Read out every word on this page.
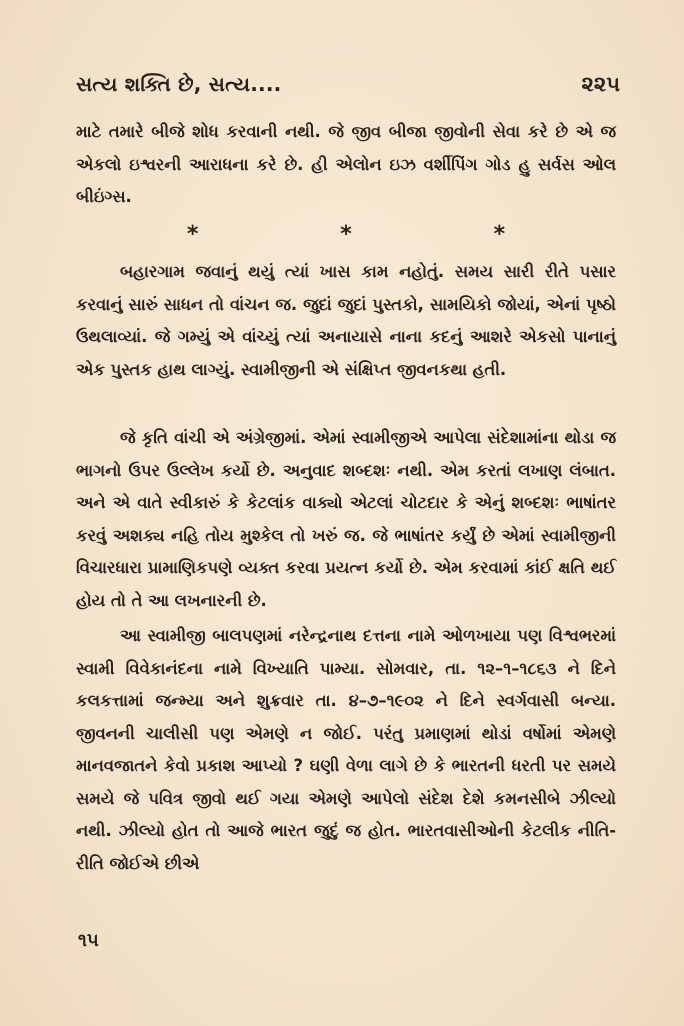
સત્ય શક્તિ છે, સત્ય....	૨૨૫
માટે તમારે બીજે શોધ કરવાની નથી. જે જીવ બીજા જીવોની સેવા કરે છે એ જ એકલો ઇશ્વરની આરાધના કરે છે. હી એલોન ઇઝ વર્શીપિંગ ગોડ હુ સર્વસ ઓલ બીઇંગ્સ.
*	*	*
બહારગામ જવાનું થયું ત્યાં ખાસ કામ નહોતું. સમય સારી રીતે પસાર કરવાનું સારું સાધન તો વાંચન જ. જુદાં જુદાં પુસ્તકો, સામયિકો જોયાં, એનાં પૃષ્ઠો ઉથલાવ્યાં. જે ગમ્યું એ વાંચ્યું ત્યાં અનાયાસે નાના કદનું આશરે એકસો પાનાનું એક પુસ્તક હાથ લાગ્યું. સ્વામીજીની એ સંક્ષિપ્ત જીવનકથા હતી.
જે કૃતિ વાંચી એ અંગ્રેજીમાં. એમાં સ્વામીજીએ આપેલા સંદેશામાંના થોડા જ ભાગનો ઉપર ઉલ્લેખ કર્યો છે. અનુવાદ શબ્દશઃ નથી. એમ કરતાં લખાણ લંબાત. અને એ વાતે સ્વીકારું કે કેટલાંક વાક્યો એટલાં ચોટદાર કે એનું શબ્દશઃ ભાષાંતર કરવું અશક્ય નહિ તોય મુશ્કેલ તો ખરું જ. જે ભાષાંતર કર્યું છે એમાં સ્વામીજીની વિચારધારા પ્રામાણિકપણે વ્યક્ત કરવા પ્રયત્ન કર્યો છે. એમ કરવામાં કાંઈ ક્ષતિ થઈ હોય તો તે આ લખનારની છે.
આ સ્વામીજી બાલપણમાં નરેન્દ્રનાથ દત્તના નામે ઓળખાયા પણ વિશ્વભરમાં સ્વામી વિવેકાનંદના નામે વિખ્યાતિ પામ્યા. સોમવાર, તા. ૧૨–૧–૧૮૬૩ ને દિને કલકત્તામાં જન્મ્યા અને શુક્રવાર તા. ૪–૭–૧૯૦૨ ને દિને સ્વર્ગવાસી બન્યા. જીવનની ચાલીસી પણ એમણે ન જોઈ. પરંતુ પ્રમાણમાં થોડાં વર્ષોમાં એમણે માનવજાતને કેવો પ્રકાશ આપ્યો ? ઘણી વેળા લાગે છે કે ભારતની ધરતી પર સમયે સમયે જે પવિત્ર જીવો થઈ ગયા એમણે આપેલો સંદેશ દેશે કમનસીબે ઝીલ્યો નથી. ઝીલ્યો હોત તો આજે ભારત જુદું જ હોત. ભારતવાસીઓની કેટલીક નીતિ-રીતિ જોઈએ છીએ
૧૫
